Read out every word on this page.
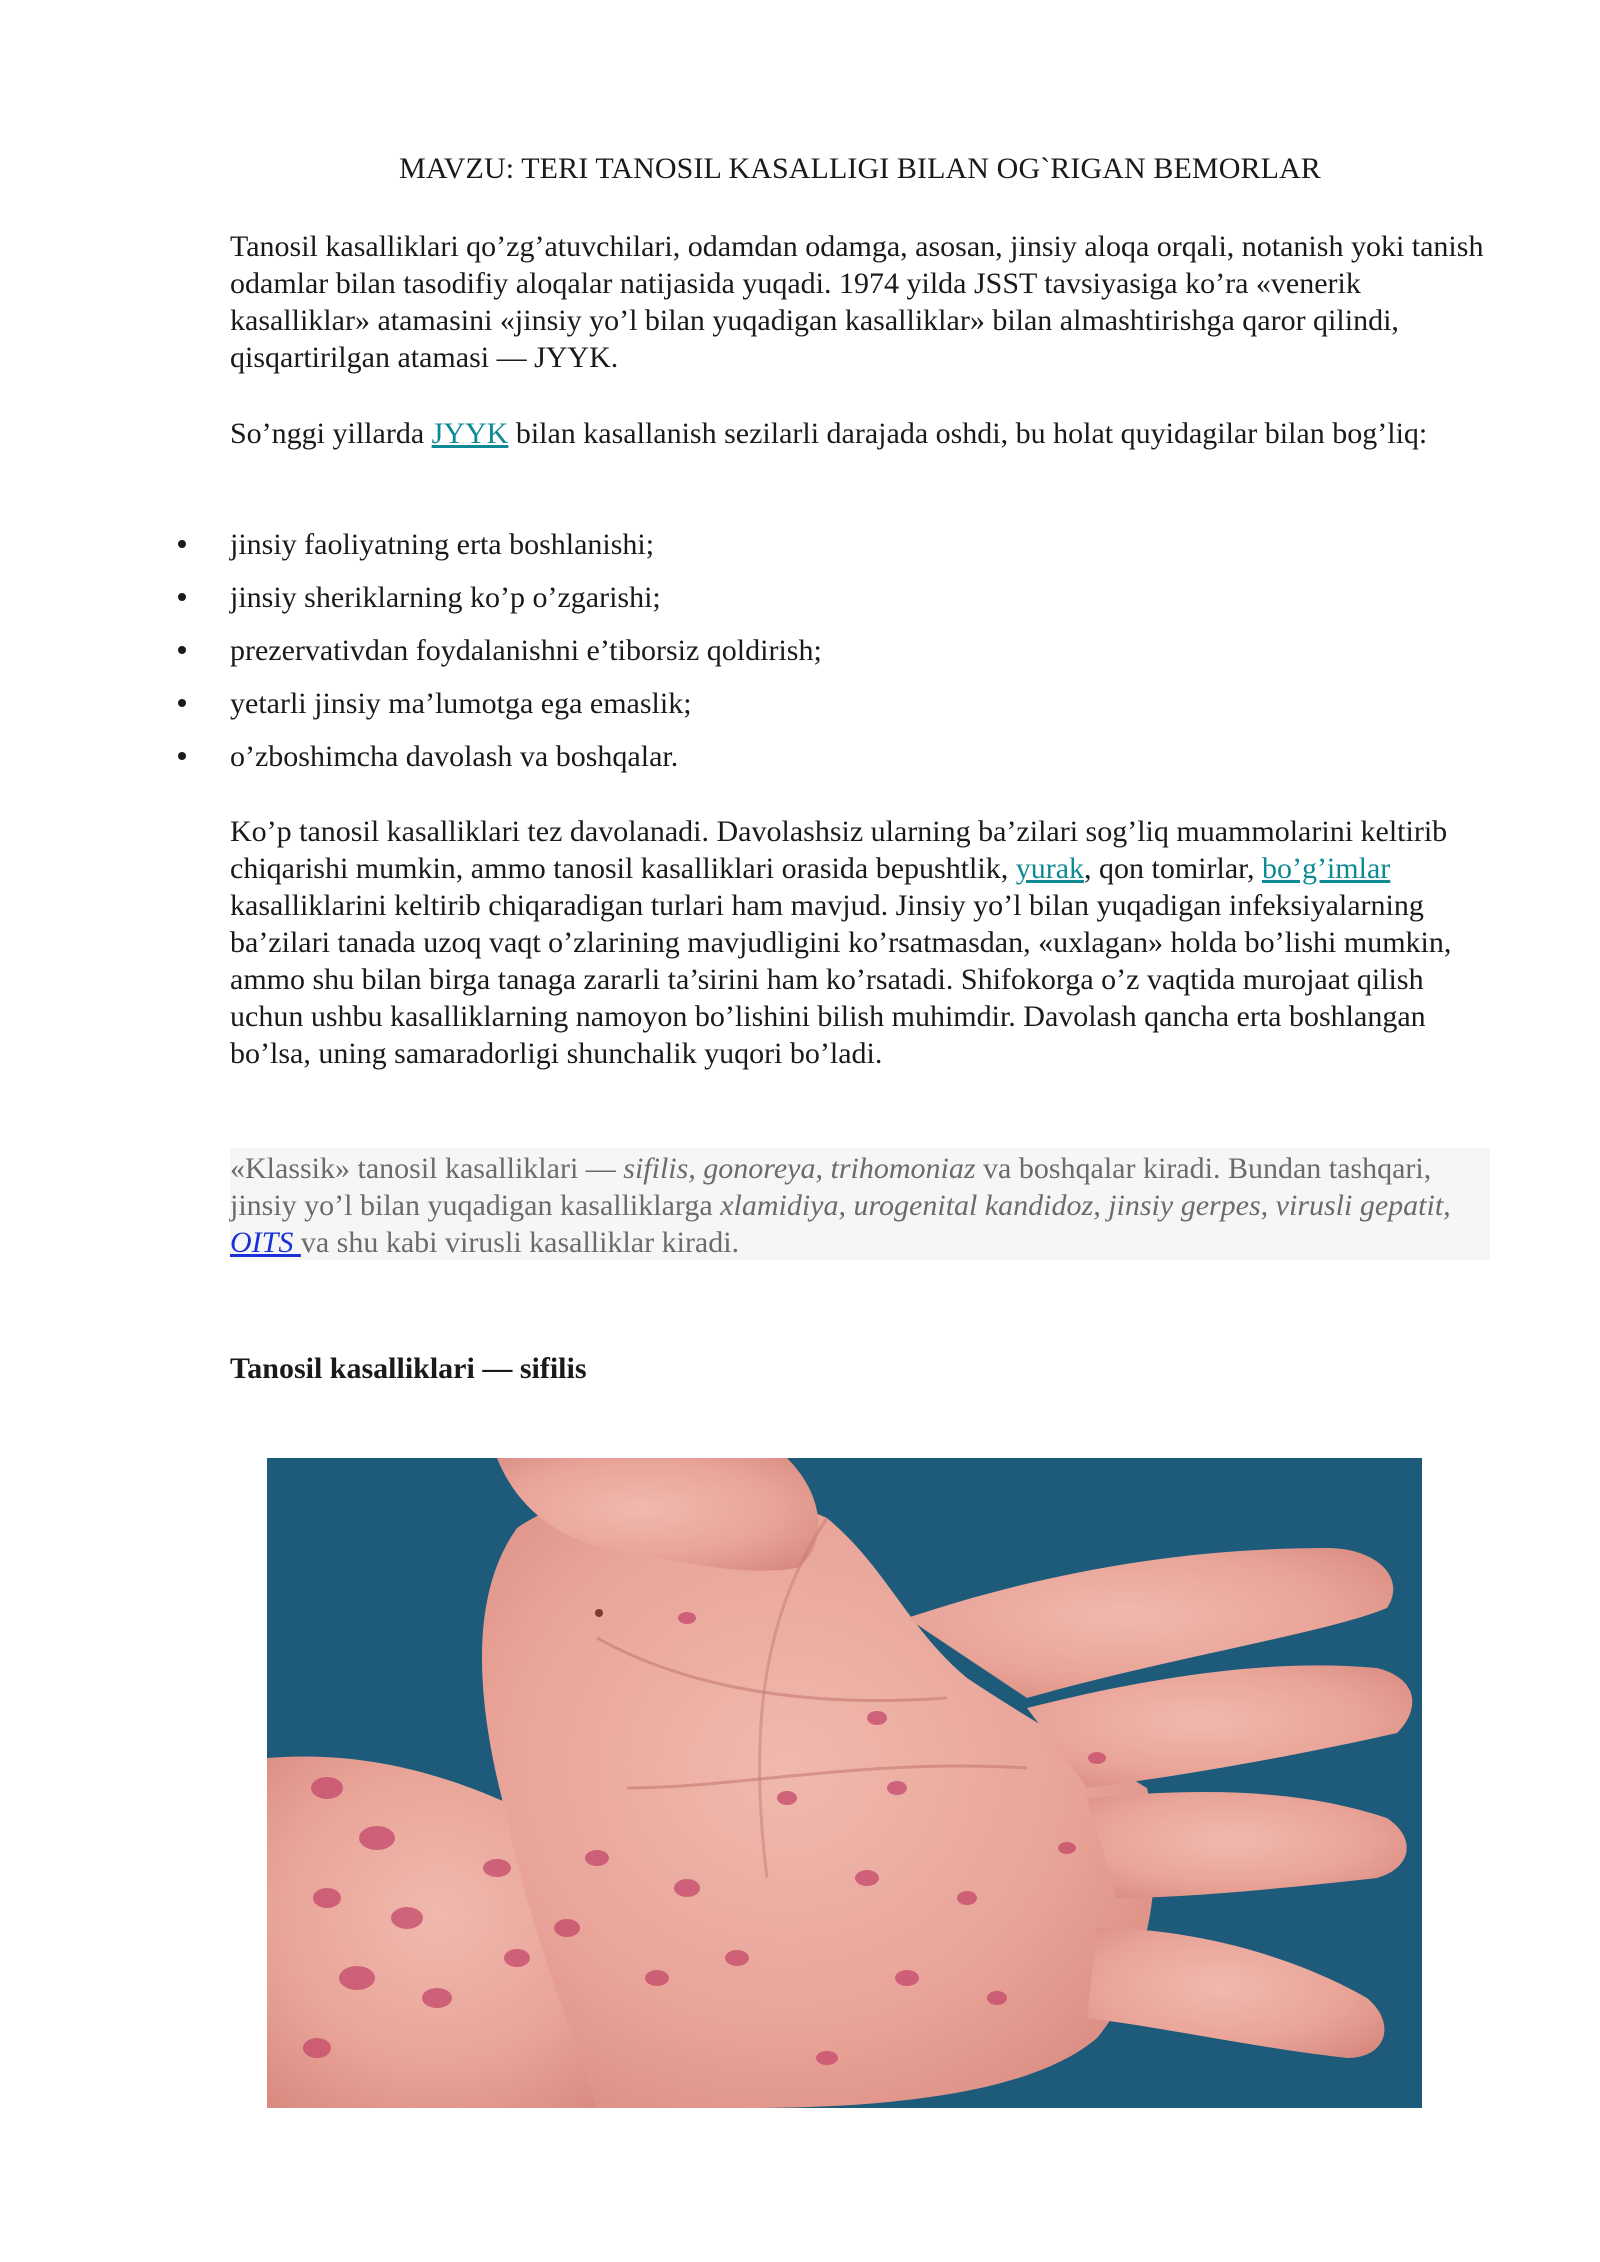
MAVZU: TERI TANOSIL KASALLIGI BILAN OG`RIGAN BEMORLAR

Tanosil kasalliklari qo’zg’atuvchilari, odamdan odamga, asosan, jinsiy aloqa orqali, notanish yoki tanish odamlar bilan tasodifiy aloqalar natijasida yuqadi. 1974 yilda JSST tavsiyasiga ko’ra «venerik kasalliklar» atamasini «jinsiy yo’l bilan yuqadigan kasalliklar» bilan almashtirishga qaror qilindi, qisqartirilgan atamasi — JYYK.

So’nggi yillarda JYYK bilan kasallanish sezilarli darajada oshdi, bu holat quyidagilar bilan bog’liq:

jinsiy faoliyatning erta boshlanishi;
jinsiy sheriklarning ko’p o’zgarishi;
prezervativdan foydalanishni e’tiborsiz qoldirish;
yetarli jinsiy ma’lumotga ega emaslik;
o’zboshimcha davolash va boshqalar.

Ko’p tanosil kasalliklari tez davolanadi. Davolashsiz ularning ba’zilari sog’liq muammolarini keltirib chiqarishi mumkin, ammo tanosil kasalliklari orasida bepushtlik, yurak, qon tomirlar, bo’g’imlar kasalliklarini keltirib chiqaradigan turlari ham mavjud. Jinsiy yo’l bilan yuqadigan infeksiyalarning ba’zilari tanada uzoq vaqt o’zlarining mavjudligini ko’rsatmasdan, «uxlagan» holda bo’lishi mumkin, ammo shu bilan birga tanaga zararli ta’sirini ham ko’rsatadi. Shifokorga o’z vaqtida murojaat qilish uchun ushbu kasalliklarning namoyon bo’lishini bilish muhimdir. Davolash qancha erta boshlangan bo’lsa, uning samaradorligi shunchalik yuqori bo’ladi.

«Klassik» tanosil kasalliklari — sifilis, gonoreya, trihomoniaz va boshqalar kiradi. Bundan tashqari, jinsiy yo’l bilan yuqadigan kasalliklarga xlamidiya, urogenital kandidoz, jinsiy gerpes, virusli gepatit, OITS va shu kabi virusli kasalliklar kiradi.

Tanosil kasalliklari — sifilis
